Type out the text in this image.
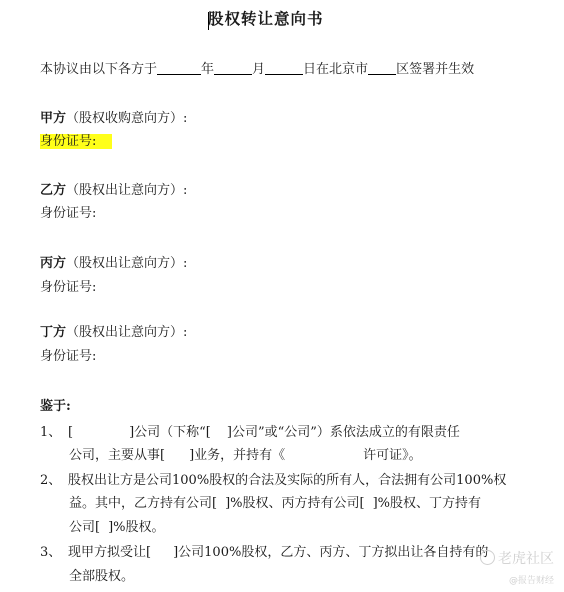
股权转让意向书
本协议由以下各方于	年	月	日在北京市 区签署并生效
甲方（股权收购意向方）:
身份证号:
乙方（股权出让意向方）:
身份证号:
丙方（股权出让意向方）:
身份证号:
丁方（股权出让意向方）:
身份证号:
鉴于:
1、 [	]公司（下称“[ ]公司”或“公司”）系依法成立的有限责任
公司，主要从事[ ]业务，并持有《	许可证》。
2、 股权出让方是公司100%股权的合法及实际的所有人，合法拥有公司100%权
益。其中，乙方持有公司[ ]%股权、丙方持有公司[ ]%股权、丁方持有
公司[ ]%股权。
3、 现甲方拟受让[ ]公司100%股权，乙方、丙方、丁方拟出让各自持有的
全部股权。
老虎社区
@报告财经
